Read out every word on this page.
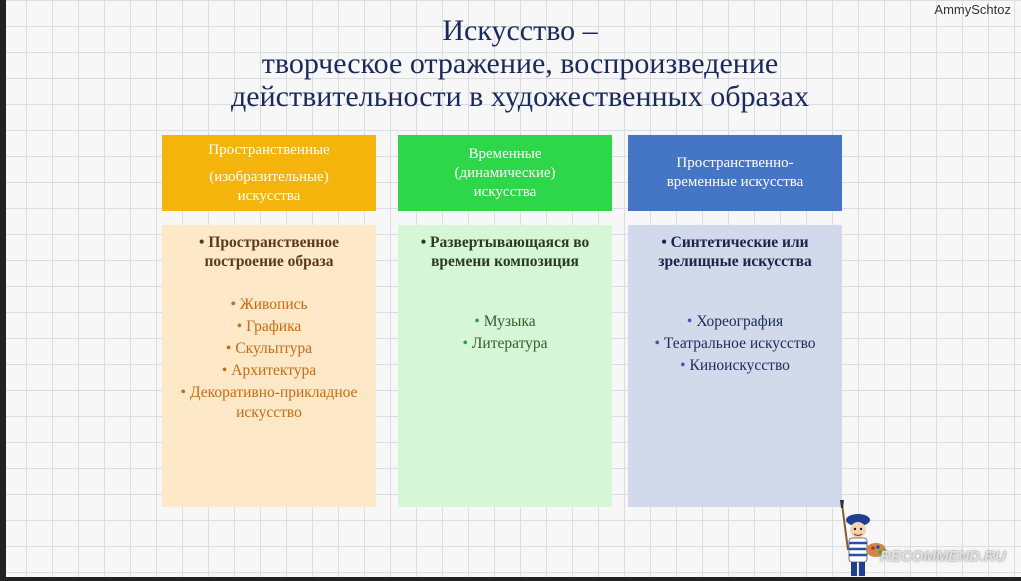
AmmySchtoz
Искусство –
творческое отражение, воспроизведение
действительности в художественных образах
Пространственные
(изобразительные)
искусства
• Пространственное построение образа
• Живопись
• Графика
• Скульптура
• Архитектура
• Декоративно-прикладное искусство
Временные
(динамические)
искусства
• Развертывающаяся во времени композиция
• Музыка
• Литература
Пространственно-
временные искусства
• Синтетические или зрелищные искусства
• Хореография
• Театральное искусство
• Киноискусство
RECOMMEND.RU
